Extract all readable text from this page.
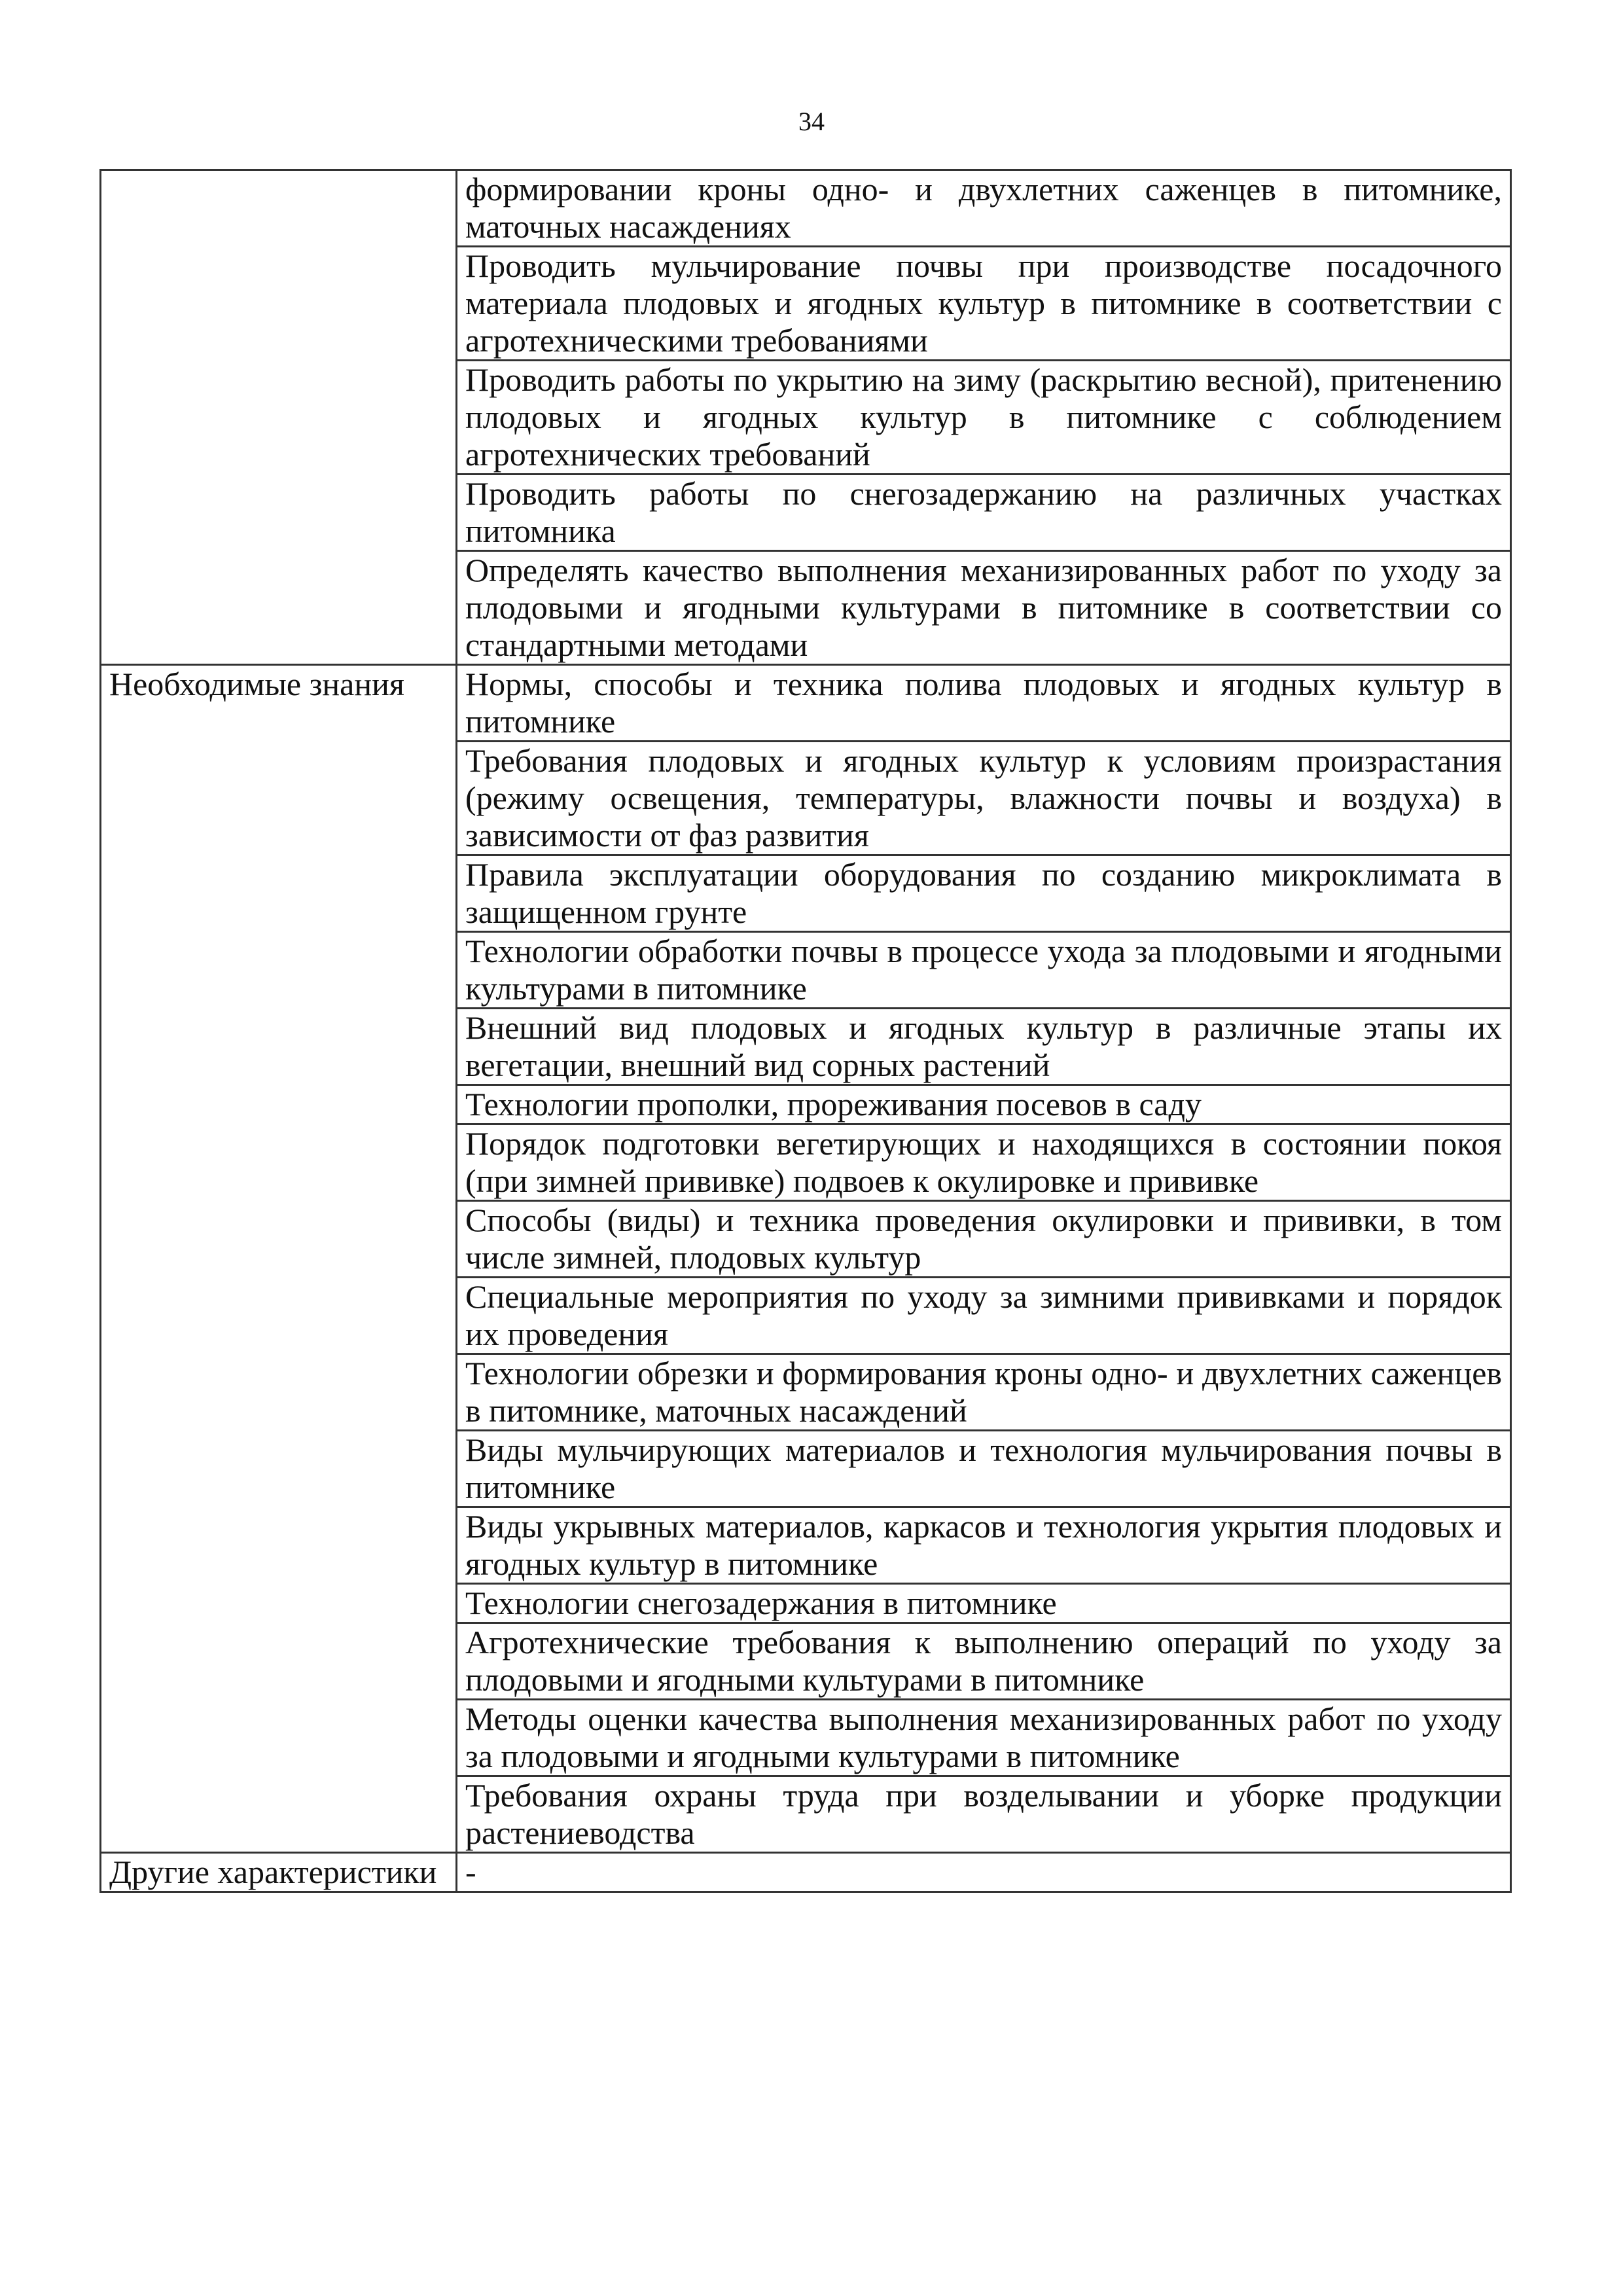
34
	формировании кроны одно- и двухлетних саженцев в питомнике, маточных насаждениях
	Проводить мульчирование почвы при производстве посадочного материала плодовых и ягодных культур в питомнике в соответствии с агротехническими требованиями
	Проводить работы по укрытию на зиму (раскрытию весной), притенению плодовых и ягодных культур в питомнике с соблюдением агротехнических требований
	Проводить работы по снегозадержанию на различных участках питомника
	Определять качество выполнения механизированных работ по уходу за плодовыми и ягодными культурами в питомнике в соответствии со стандартными методами
Необходимые знания	Нормы, способы и техника полива плодовых и ягодных культур в питомнике
	Требования плодовых и ягодных культур к условиям произрастания (режиму освещения, температуры, влажности почвы и воздуха) в зависимости от фаз развития
	Правила эксплуатации оборудования по созданию микроклимата в защищенном грунте
	Технологии обработки почвы в процессе ухода за плодовыми и ягодными культурами в питомнике
	Внешний вид плодовых и ягодных культур в различные этапы их вегетации, внешний вид сорных растений
	Технологии прополки, прореживания посевов в саду
	Порядок подготовки вегетирующих и находящихся в состоянии покоя (при зимней прививке) подвоев к окулировке и прививке
	Способы (виды) и техника проведения окулировки и прививки, в том числе зимней, плодовых культур
	Специальные мероприятия по уходу за зимними прививками и порядок их проведения
	Технологии обрезки и формирования кроны одно- и двухлетних саженцев в питомнике, маточных насаждений
	Виды мульчирующих материалов и технология мульчирования почвы в питомнике
	Виды укрывных материалов, каркасов и технология укрытия плодовых и ягодных культур в питомнике
	Технологии снегозадержания в питомнике
	Агротехнические требования к выполнению операций по уходу за плодовыми и ягодными культурами в питомнике
	Методы оценки качества выполнения механизированных работ по уходу за плодовыми и ягодными культурами в питомнике
	Требования охраны труда при возделывании и уборке продукции растениеводства
Другие характеристики	-
